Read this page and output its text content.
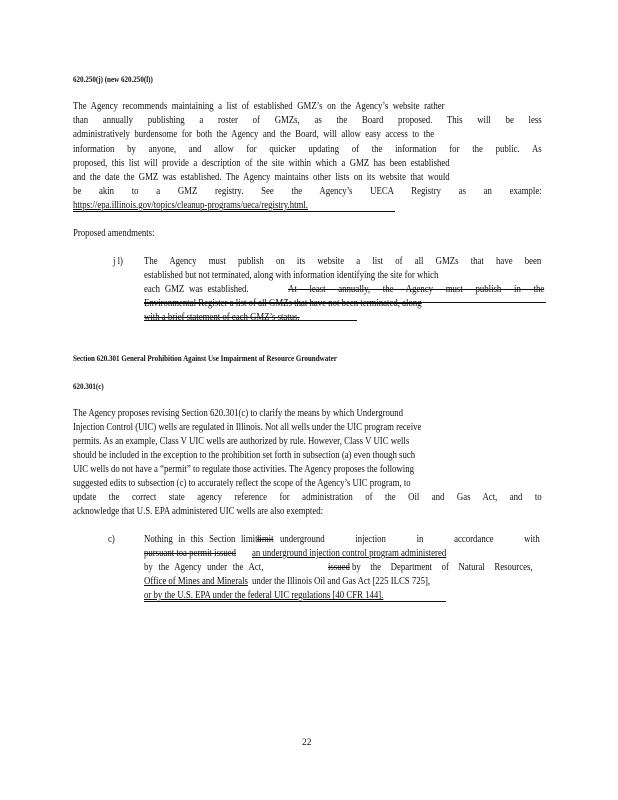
620.250(j) (new 620.250(l))
The Agency recommends maintaining a list of established GMZ’s on the Agency’s website rather
than annually publishing a roster of GMZs, as the Board proposed. This will be less
administratively burdensome for both the Agency and the Board, will allow easy access to the
information by anyone, and allow for quicker updating of the information for the public. As
proposed, this list will provide a description of the site within which a GMZ has been established
and the date the GMZ was established. The Agency maintains other lists on its website that would
be akin to a GMZ registry. See the Agency’s UECA Registry as an example:
https://epa.illinois.gov/topics/cleanup-programs/ueca/registry.html.
Proposed amendments:
j l) The Agency must publish on its website a list of all GMZs that have been
established but not terminated, along with information identifying the site for which
each GMZ was established.	At least annually, the Agency must publish in the
Environmental Register a list of all GMZs that have not been terminated, along
with a brief statement of each GMZ’s status.
Section 620.301 General Prohibition Against Use Impairment of Resource Groundwater
620.301(c)
The Agency proposes revising Section 620.301(c) to clarify the means by which Underground
Injection Control (UIC) wells are regulated in Illinois. Not all wells under the UIC program receive
permits. As an example, Class V UIC wells are authorized by rule. However, Class V UIC wells
should be included in the exception to the prohibition set forth in subsection (a) even though such
UIC wells do not have a “permit” to regulate those activities. The Agency proposes the following
suggested edits to subsection (c) to accurately reflect the scope of the Agency’s UIC program, to
update the correct state agency reference for administration of the Oil and Gas Act, and to
acknowledge that U.S. EPA administered UIC wells are also exempted:
c)	Nothing in this Section limits
limit underground injection in accordance with
pursuant to a permit issued an underground injection control program administered
by the Agency under the Act,	issued by the Department of Natural Resources,
Office of Mines and Minerals under the Illinois Oil and Gas Act [225 ILCS 725],
or by the U.S. EPA under the federal UIC regulations [40 CFR 144].
22
